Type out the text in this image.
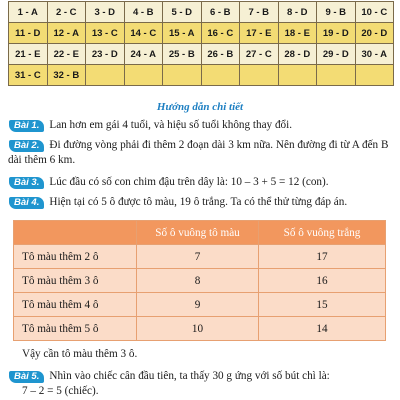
1 - A	2 - C	3 - D	4 - B	5 - D	6 - B	7 - B	8 - D	9 - B	10 - C
11 - D	12 - A	13 - C	14 - C	15 - A	16 - C	17 - E	18 - E	19 - D	20 - D
21 - E	22 - E	23 - D	24 - A	25 - B	26 - B	27 - C	28 - D	29 - D	30 - A
31 - C	32 - B								
Hướng dẫn chi tiết
Bài 1. Lan hơn em gái 4 tuổi, và hiệu số tuổi không thay đổi.
Bài 2. Đi đường vòng phải đi thêm 2 đoạn dài 3 km nữa. Nên đường đi từ A đến B dài thêm 6 km.
Bài 3. Lúc đầu có số con chim đậu trên dây là: 10 – 3 + 5 = 12 (con).
Bài 4. Hiện tại có 5 ô được tô màu, 19 ô trắng. Ta có thể thử từng đáp án.
	Số ô vuông tô màu	Số ô vuông trắng
Tô màu thêm 2 ô	7	17
Tô màu thêm 3 ô	8	16
Tô màu thêm 4 ô	9	15
Tô màu thêm 5 ô	10	14
Vậy cần tô màu thêm 3 ô.
Bài 5. Nhìn vào chiếc cân đầu tiên, ta thấy 30 g ứng với số bút chì là:
7 – 2 = 5 (chiếc).
